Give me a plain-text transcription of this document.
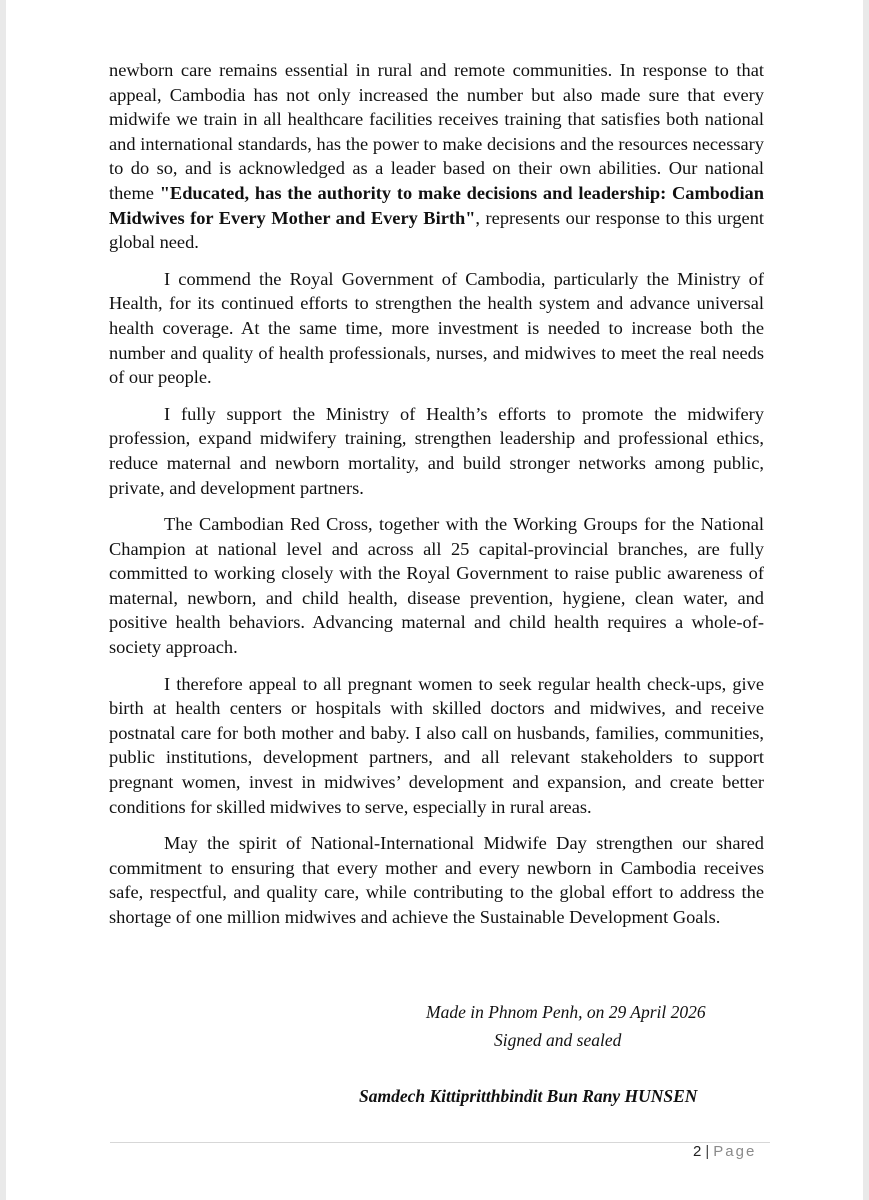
newborn care remains essential in rural and remote communities. In response to that appeal, Cambodia has not only increased the number but also made sure that every midwife we train in all healthcare facilities receives training that satisfies both national and international standards, has the power to make decisions and the resources necessary to do so, and is acknowledged as a leader based on their own abilities. Our national theme "Educated, has the authority to make decisions and leadership: Cambodian Midwives for Every Mother and Every Birth", represents our response to this urgent global need.

I commend the Royal Government of Cambodia, particularly the Ministry of Health, for its continued efforts to strengthen the health system and advance universal health coverage. At the same time, more investment is needed to increase both the number and quality of health professionals, nurses, and midwives to meet the real needs of our people.

I fully support the Ministry of Health’s efforts to promote the midwifery profession, expand midwifery training, strengthen leadership and professional ethics, reduce maternal and newborn mortality, and build stronger networks among public, private, and development partners.

The Cambodian Red Cross, together with the Working Groups for the National Champion at national level and across all 25 capital-provincial branches, are fully committed to working closely with the Royal Government to raise public awareness of maternal, newborn, and child health, disease prevention, hygiene, clean water, and positive health behaviors. Advancing maternal and child health requires a whole-of-society approach.

I therefore appeal to all pregnant women to seek regular health check-ups, give birth at health centers or hospitals with skilled doctors and midwives, and receive postnatal care for both mother and baby. I also call on husbands, families, communities, public institutions, development partners, and all relevant stakeholders to support pregnant women, invest in midwives’ development and expansion, and create better conditions for skilled midwives to serve, especially in rural areas.

May the spirit of National-International Midwife Day strengthen our shared commitment to ensuring that every mother and every newborn in Cambodia receives safe, respectful, and quality care, while contributing to the global effort to address the shortage of one million midwives and achieve the Sustainable Development Goals.

Made in Phnom Penh, on 29 April 2026
Signed and sealed
Samdech Kittipritthbindit Bun Rany HUNSEN
2 | Page
